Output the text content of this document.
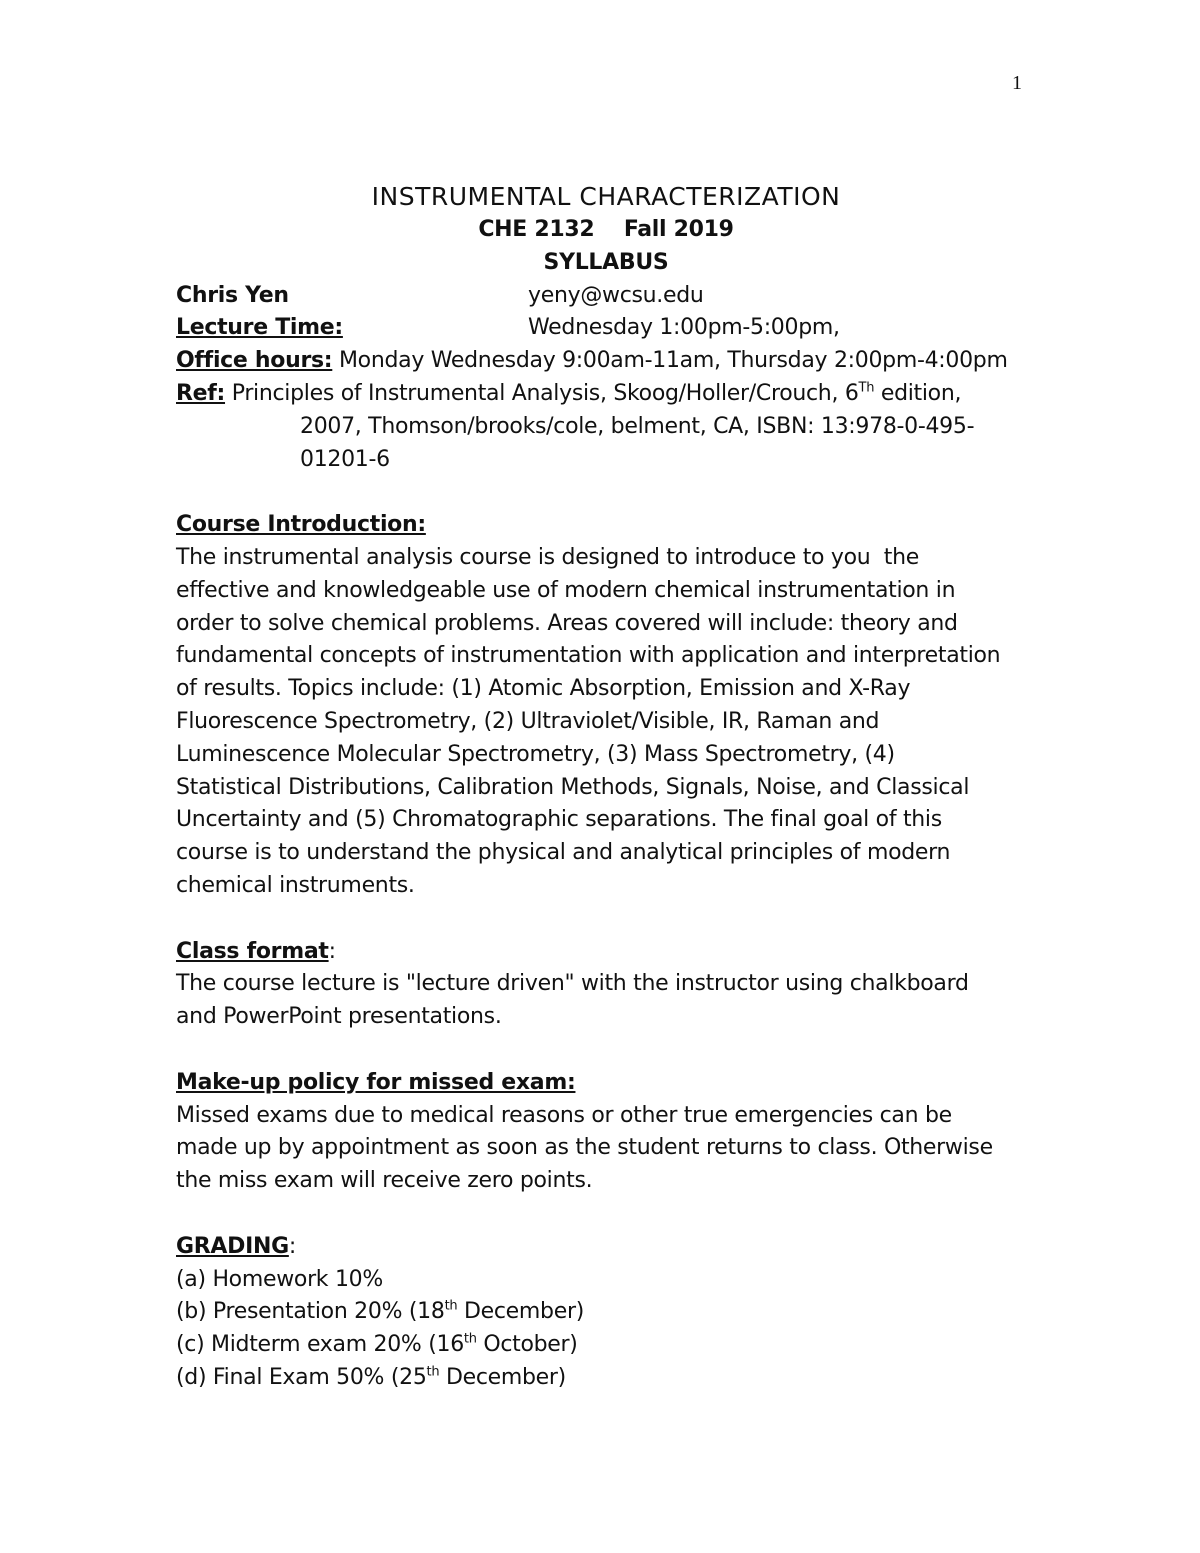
1
INSTRUMENTAL CHARACTERIZATION
CHE 2132    Fall 2019
SYLLABUS
Chris Yen	yeny@wcsu.edu
Lecture Time:	Wednesday 1:00pm-5:00pm,
Office hours:
Monday Wednesday 9:00am-11am, Thursday 2:00pm-4:00pm
Ref:
Principles of Instrumental Analysis, Skoog/Holler/Crouch, 6Th edition,
2007, Thomson/brooks/cole, belment, CA, ISBN: 13:978-0-495-
01201-6
Course Introduction:

The instrumental analysis course is designed to introduce to you  the

effective and knowledgeable use of modern chemical instrumentation in

order to solve chemical problems. Areas covered will include: theory and

fundamental concepts of instrumentation with application and interpretation

of results. Topics include: (1) Atomic Absorption, Emission and X-Ray

Fluorescence Spectrometry, (2) Ultraviolet/Visible, IR, Raman and

Luminescence Molecular Spectrometry, (3) Mass Spectrometry, (4)

Statistical Distributions, Calibration Methods, Signals, Noise, and Classical

Uncertainty and (5) Chromatographic separations. The final goal of this

course is to understand the physical and analytical principles of modern

chemical instruments.

Class format:

The course lecture is "lecture driven" with the instructor using chalkboard

and PowerPoint presentations.

Make-up policy for missed exam:

Missed exams due to medical reasons or other true emergencies can be

made up by appointment as soon as the student returns to class. Otherwise

the miss exam will receive zero points.

GRADING:

(a) Homework 10%

(b) Presentation 20% (18th December)

(c) Midterm exam 20% (16th October)

(d) Final Exam 50% (25th December)
